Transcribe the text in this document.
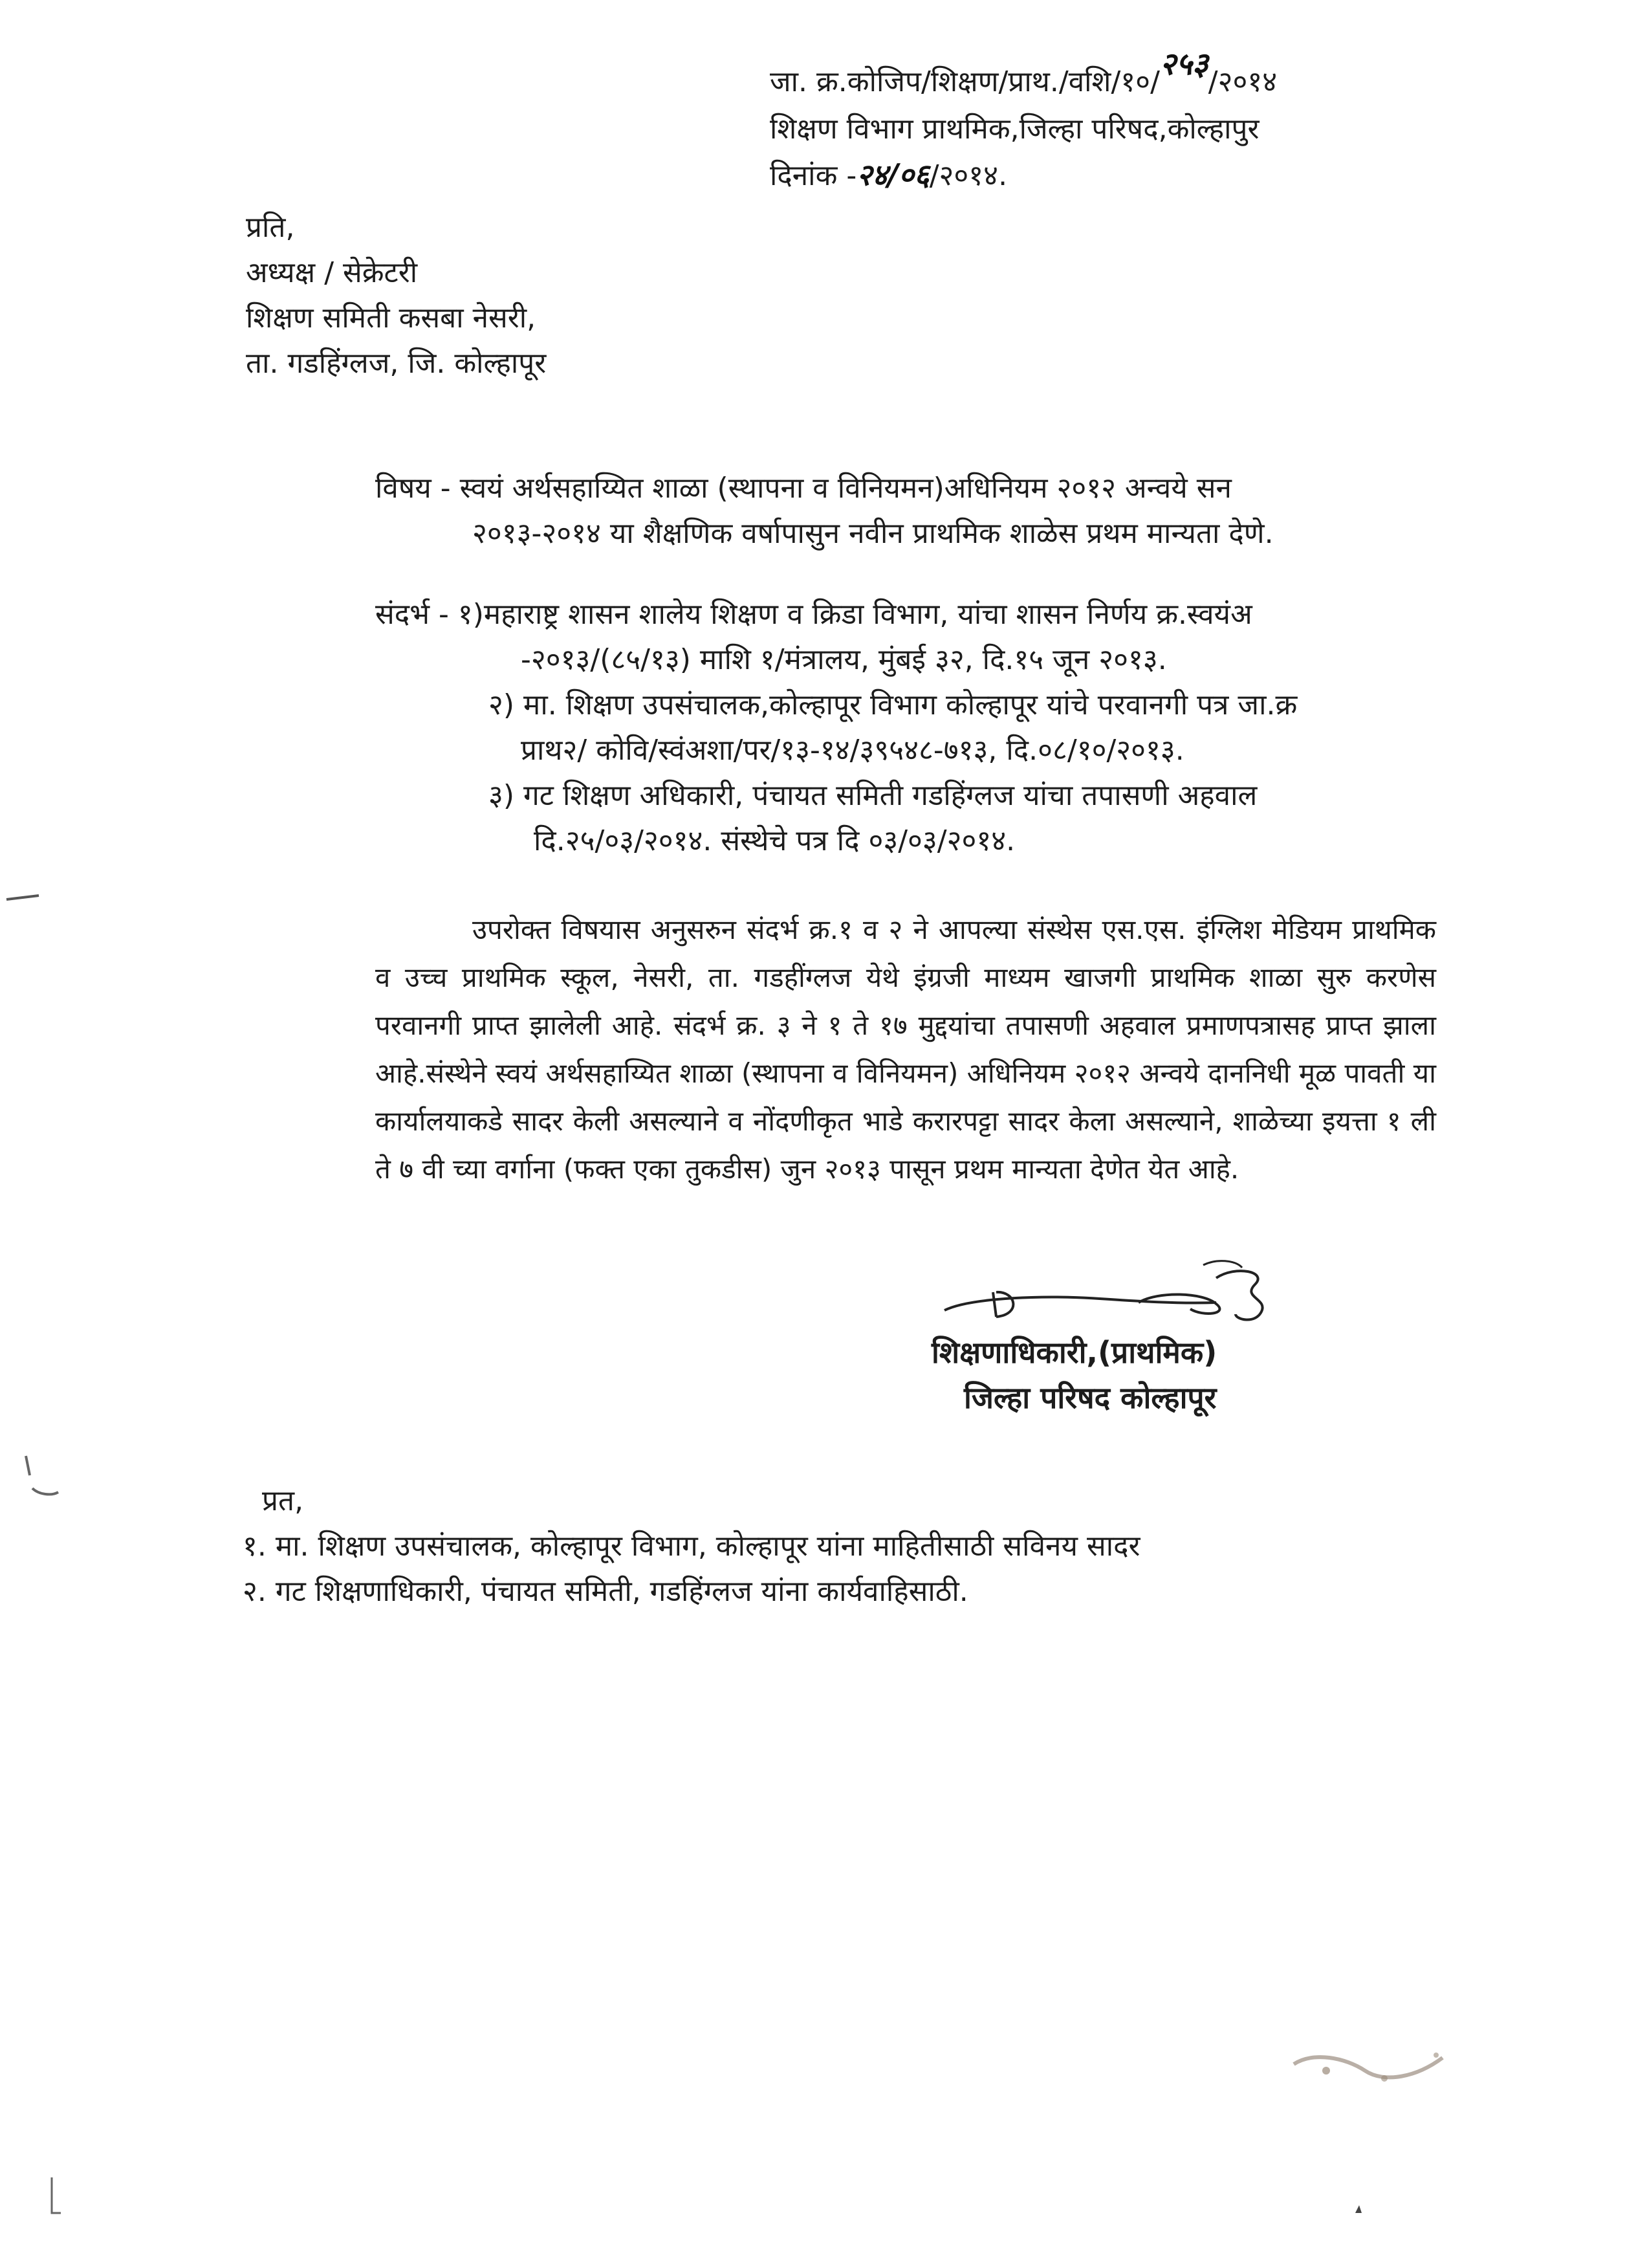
जा. क्र.कोजिप/शिक्षण/प्राथ./वशि/१०/२५३/२०१४
शिक्षण विभाग प्राथमिक,जिल्हा परिषद,कोल्हापुर
दिनांक -२४/०६/२०१४.
प्रति,
अध्यक्ष / सेक्रेटरी
शिक्षण समिती कसबा नेसरी,
ता. गडहिंग्लज, जि. कोल्हापूर
विषय - स्वयं अर्थसहाय्यित शाळा (स्थापना व विनियमन)अधिनियम २०१२ अन्वये सन
२०१३-२०१४ या शैक्षणिक वर्षापासुन नवीन प्राथमिक शाळेस प्रथम मान्यता देणे.
संदर्भ - १)महाराष्ट्र शासन शालेय शिक्षण व क्रिडा विभाग, यांचा शासन निर्णय क्र.स्वयंअ
-२०१३/(८५/१३) माशि १/मंत्रालय, मुंबई ३२, दि.१५ जून २०१३.
२) मा. शिक्षण उपसंचालक,कोल्हापूर विभाग कोल्हापूर यांचे परवानगी पत्र जा.क्र
प्राथ२/ कोवि/स्वंअशा/पर/१३-१४/३९५४८-७१३, दि.०८/१०/२०१३.
३) गट शिक्षण अधिकारी, पंचायत समिती गडहिंग्लज यांचा तपासणी अहवाल
दि.२५/०३/२०१४. संस्थेचे पत्र दि ०३/०३/२०१४.
उपरोक्त विषयास अनुसरुन संदर्भ क्र.१ व २ ने आपल्या संस्थेस एस.एस. इंग्लिश मेडियम प्राथमिक व उच्च प्राथमिक स्कूल, नेसरी, ता. गडहींग्लज येथे इंग्रजी माध्यम खाजगी प्राथमिक शाळा सुरु करणेस परवानगी प्राप्त झालेली आहे. संदर्भ क्र. ३ ने १ ते १७ मुद्दयांचा तपासणी अहवाल प्रमाणपत्रासह प्राप्त झाला आहे.संस्थेने स्वयं अर्थसहाय्यित शाळा (स्थापना व विनियमन) अधिनियम २०१२ अन्वये दाननिधी मूळ पावती या कार्यालयाकडे सादर केली असल्याने व नोंदणीकृत भाडे करारपट्टा सादर केला असल्याने, शाळेच्या इयत्ता १ ली ते ७ वी च्या वर्गाना (फक्त एका तुकडीस) जुन २०१३ पासून प्रथम मान्यता देणेत येत आहे.
शिक्षणाधिकारी,(प्राथमिक)
जिल्हा परिषद कोल्हापूर
प्रत,
१. मा. शिक्षण उपसंचालक, कोल्हापूर विभाग, कोल्हापूर यांना माहितीसाठी सविनय सादर
२. गट शिक्षणाधिकारी, पंचायत समिती, गडहिंग्लज यांना कार्यवाहिसाठी.
